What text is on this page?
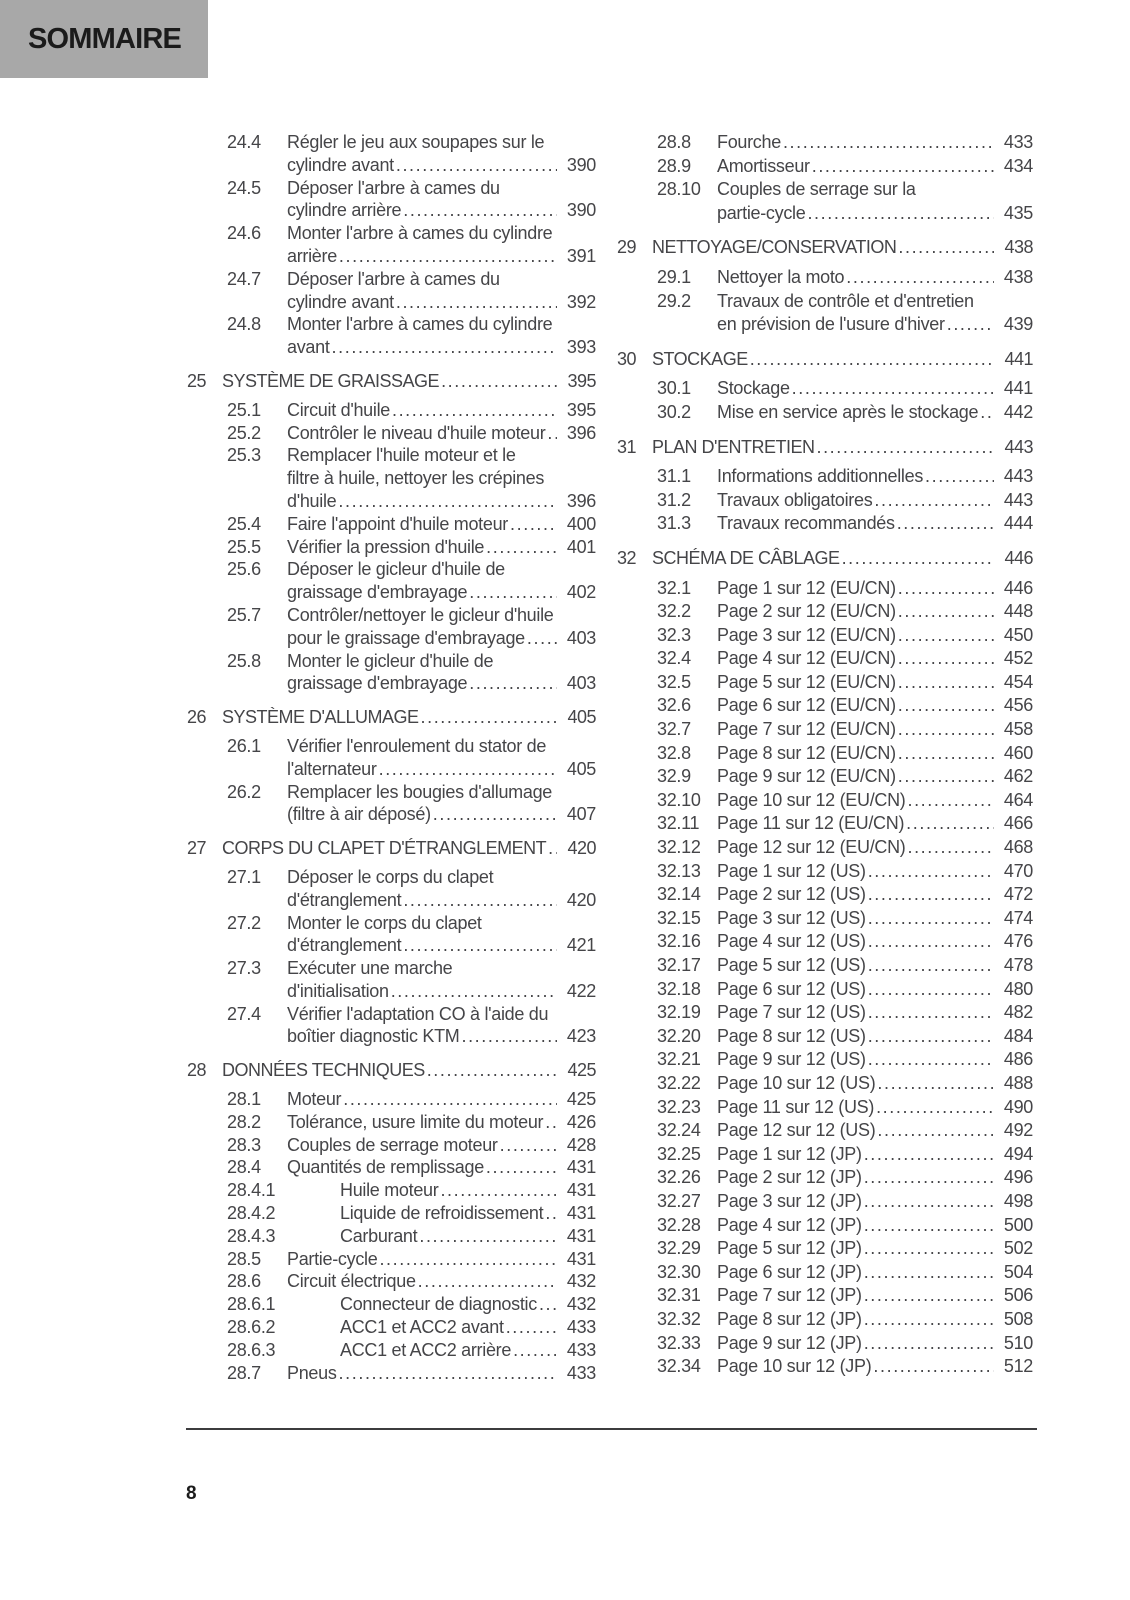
SOMMAIRE
24.4	Régler le jeu aux soupapes sur le
cylindre avant .....	390
24.5	Déposer l'arbre à cames du
cylindre arrière .....	390
24.6	Monter l'arbre à cames du cylindre
arrière .....	391
24.7	Déposer l'arbre à cames du
cylindre avant .....	392
24.8	Monter l'arbre à cames du cylindre
avant .....	393
25 SYSTÈME DE GRAISSAGE .....	395
25.1	Circuit d'huile .....	395
25.2	Contrôler le niveau d'huile moteur .....	396
25.3	Remplacer l'huile moteur et le
filtre à huile, nettoyer les crépines
d'huile .....	396
25.4	Faire l'appoint d'huile moteur .....	400
25.5	Vérifier la pression d'huile .....	401
25.6	Déposer le gicleur d'huile de
graissage d'embrayage .....	402
25.7	Contrôler/nettoyer le gicleur d'huile
pour le graissage d'embrayage .....	403
25.8	Monter le gicleur d'huile de
graissage d'embrayage .....	403
26 SYSTÈME D'ALLUMAGE .....	405
26.1	Vérifier l'enroulement du stator de
l'alternateur .....	405
26.2	Remplacer les bougies d'allumage
(filtre à air déposé) .....	407
27 CORPS DU CLAPET D'ÉTRANGLEMENT .....	420
27.1	Déposer le corps du clapet
d'étranglement .....	420
27.2	Monter le corps du clapet
d'étranglement .....	421
27.3	Exécuter une marche
d'initialisation .....	422
27.4	Vérifier l'adaptation CO à l'aide du
boîtier diagnostic KTM .....	423
28 DONNÉES TECHNIQUES .....	425
28.1	Moteur .....	425
28.2	Tolérance, usure limite du moteur .....	426
28.3	Couples de serrage moteur .....	428
28.4	Quantités de remplissage .....	431
28.4.1	Huile moteur .....	431
28.4.2	Liquide de refroidissement .....	431
28.4.3	Carburant .....	431
28.5	Partie-cycle .....	431
28.6	Circuit électrique .....	432
28.6.1	Connecteur de diagnostic .....	432
28.6.2	ACC1 et ACC2 avant .....	433
28.6.3	ACC1 et ACC2 arrière .....	433
28.7	Pneus .....	433
28.8	Fourche .....	433
28.9	Amortisseur .....	434
28.10 Couples de serrage sur la
partie-cycle .....	435
29 NETTOYAGE/CONSERVATION .....	438
29.1	Nettoyer la moto .....	438
29.2	Travaux de contrôle et d'entretien
en prévision de l'usure d'hiver .....	439
30 STOCKAGE .....	441
30.1	Stockage .....	441
30.2	Mise en service après le stockage .....	442
31 PLAN D'ENTRETIEN .....	443
31.1	Informations additionnelles .....	443
31.2	Travaux obligatoires .....	443
31.3	Travaux recommandés .....	444
32 SCHÉMA DE CÂBLAGE .....	446
32.1	Page 1 sur 12 (EU/CN) .....	446
32.2	Page 2 sur 12 (EU/CN) .....	448
32.3	Page 3 sur 12 (EU/CN) .....	450
32.4	Page 4 sur 12 (EU/CN) .....	452
32.5	Page 5 sur 12 (EU/CN) .....	454
32.6	Page 6 sur 12 (EU/CN) .....	456
32.7	Page 7 sur 12 (EU/CN) .....	458
32.8	Page 8 sur 12 (EU/CN) .....	460
32.9	Page 9 sur 12 (EU/CN) .....	462
32.10 Page 10 sur 12 (EU/CN) .....	464
32.11 Page 11 sur 12 (EU/CN) .....	466
32.12 Page 12 sur 12 (EU/CN) .....	468
32.13 Page 1 sur 12 (US) .....	470
32.14 Page 2 sur 12 (US) .....	472
32.15 Page 3 sur 12 (US) .....	474
32.16 Page 4 sur 12 (US) .....	476
32.17 Page 5 sur 12 (US) .....	478
32.18 Page 6 sur 12 (US) .....	480
32.19 Page 7 sur 12 (US) .....	482
32.20 Page 8 sur 12 (US) .....	484
32.21 Page 9 sur 12 (US) .....	486
32.22 Page 10 sur 12 (US) .....	488
32.23 Page 11 sur 12 (US) .....	490
32.24 Page 12 sur 12 (US) .....	492
32.25 Page 1 sur 12 (JP) .....	494
32.26 Page 2 sur 12 (JP) .....	496
32.27 Page 3 sur 12 (JP) .....	498
32.28 Page 4 sur 12 (JP) .....	500
32.29 Page 5 sur 12 (JP) .....	502
32.30 Page 6 sur 12 (JP) .....	504
32.31 Page 7 sur 12 (JP) .....	506
32.32 Page 8 sur 12 (JP) .....	508
32.33 Page 9 sur 12 (JP) .....	510
32.34 Page 10 sur 12 (JP) .....	512
8
